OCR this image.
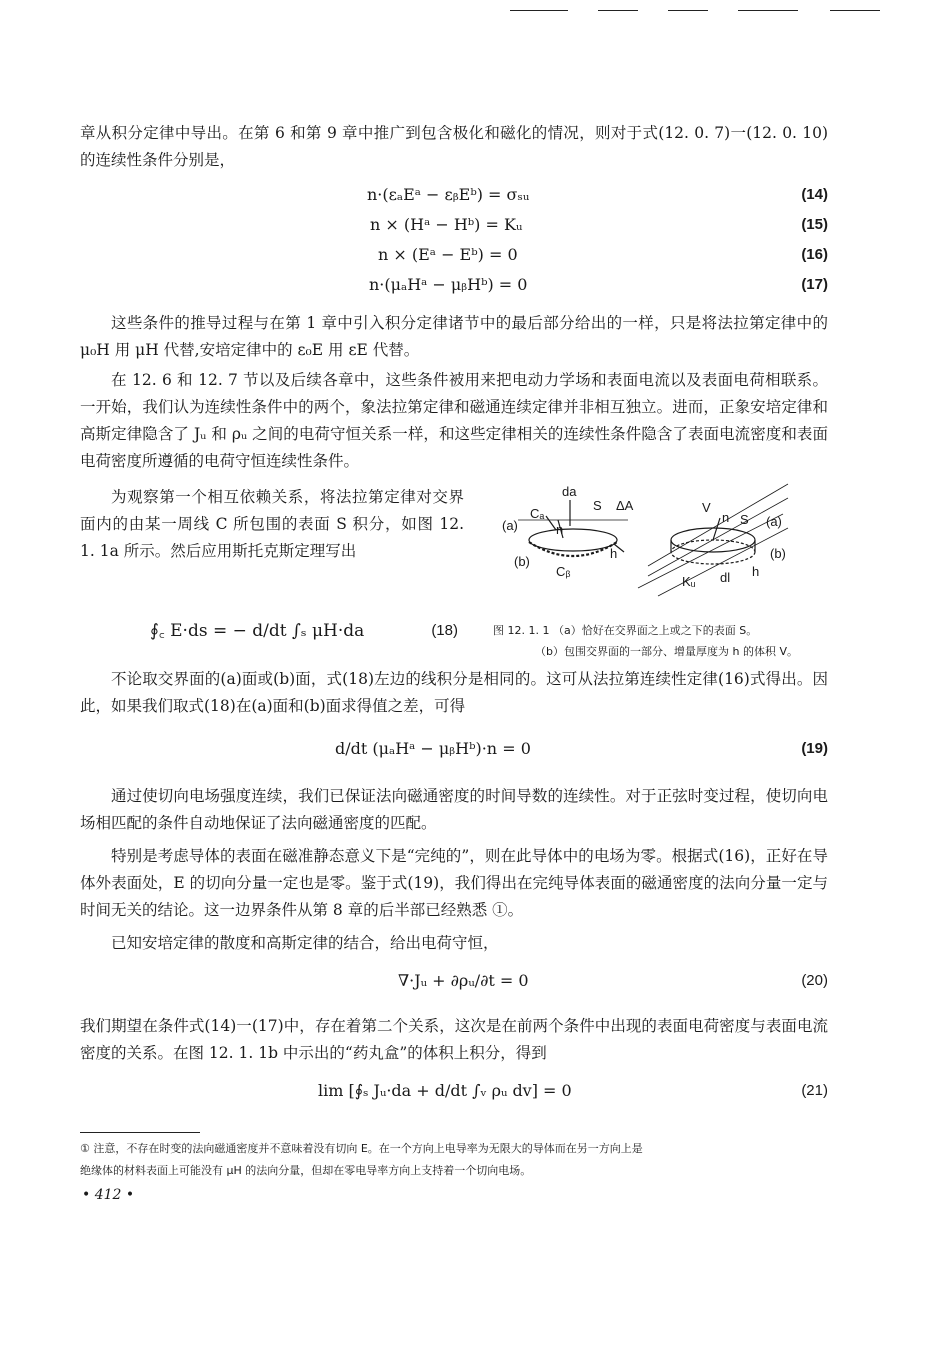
章从积分定律中导出。在第 6 和第 9 章中推广到包含极化和磁化的情况，则对于式(12. 0. 7)一(12. 0. 10)的连续性条件分别是，
n·(εₐEᵃ − εᵦEᵇ) = σₛᵤ	(14)
n × (Hᵃ − Hᵇ) = Kᵤ	(15)
n × (Eᵃ − Eᵇ) = 0	(16)
n·(μₐHᵃ − μᵦHᵇ) = 0	(17)
这些条件的推导过程与在第 1 章中引入积分定律诸节中的最后部分给出的一样，只是将法拉第定律中的 μ₀H 用 μH 代替,安培定律中的 ε₀E 用 εE 代替。
在 12. 6 和 12. 7 节以及后续各章中，这些条件被用来把电动力学场和表面电流以及表面电荷相联系。一开始，我们认为连续性条件中的两个，象法拉第定律和磁通连续定律并非相互独立。进而，正象安培定律和高斯定律隐含了 Jᵤ 和 ρᵤ 之间的电荷守恒关系一样，和这些定律相关的连续性条件隐含了表面电流密度和表面电荷密度所遵循的电荷守恒连续性条件。
为观察第一个相互依赖关系，将法拉第定律对交界面内的由某一周线 C 所包围的表面 S 积分，如图 12. 1. 1a 所示。然后应用斯托克斯定理写出
da
S ΔA
Cₐ
Cᵦ
(a)
(b)
n
h
V
n S (a)
(b)
Kᵤ dl h
∮꜀ E·ds = − d/dt ∫ₛ μH·da	(18)	图 12. 1. 1 （a）恰好在交界面之上或之下的表面 S。
（b）包围交界面的一部分、增量厚度为 h 的体积 V。
不论取交界面的(a)面或(b)面，式(18)左边的线积分是相同的。这可从法拉第连续性定律(16)式得出。因此，如果我们取式(18)在(a)面和(b)面求得值之差，可得
d/dt (μₐHᵃ − μᵦHᵇ)·n = 0	(19)
通过使切向电场强度连续，我们已保证法向磁通密度的时间导数的连续性。对于正弦时变过程，使切向电场相匹配的条件自动地保证了法向磁通密度的匹配。
特别是考虑导体的表面在磁准静态意义下是“完纯的”，则在此导体中的电场为零。根据式(16)，正好在导体外表面处，E 的切向分量一定也是零。鉴于式(19)，我们得出在完纯导体表面的磁通密度的法向分量一定与时间无关的结论。这一边界条件从第 8 章的后半部已经熟悉 ①。
已知安培定律的散度和高斯定律的结合，给出电荷守恒，
∇·Jᵤ + ∂ρᵤ/∂t = 0	(20)
我们期望在条件式(14)一(17)中，存在着第二个关系，这次是在前两个条件中出现的表面电荷密度与表面电流密度的关系。在图 12. 1. 1b 中示出的“药丸盒”的体积上积分，得到
lim [∮ₛ Jᵤ·da + d/dt ∫ᵥ ρᵤ dv] = 0	(21)
① 注意，不存在时变的法向磁通密度并不意味着没有切向 E。在一个方向上电导率为无限大的导体而在另一方向上是
绝缘体的材料表面上可能没有 μH 的法向分量，但却在零电导率方向上支持着一个切向电场。
• 412 •
